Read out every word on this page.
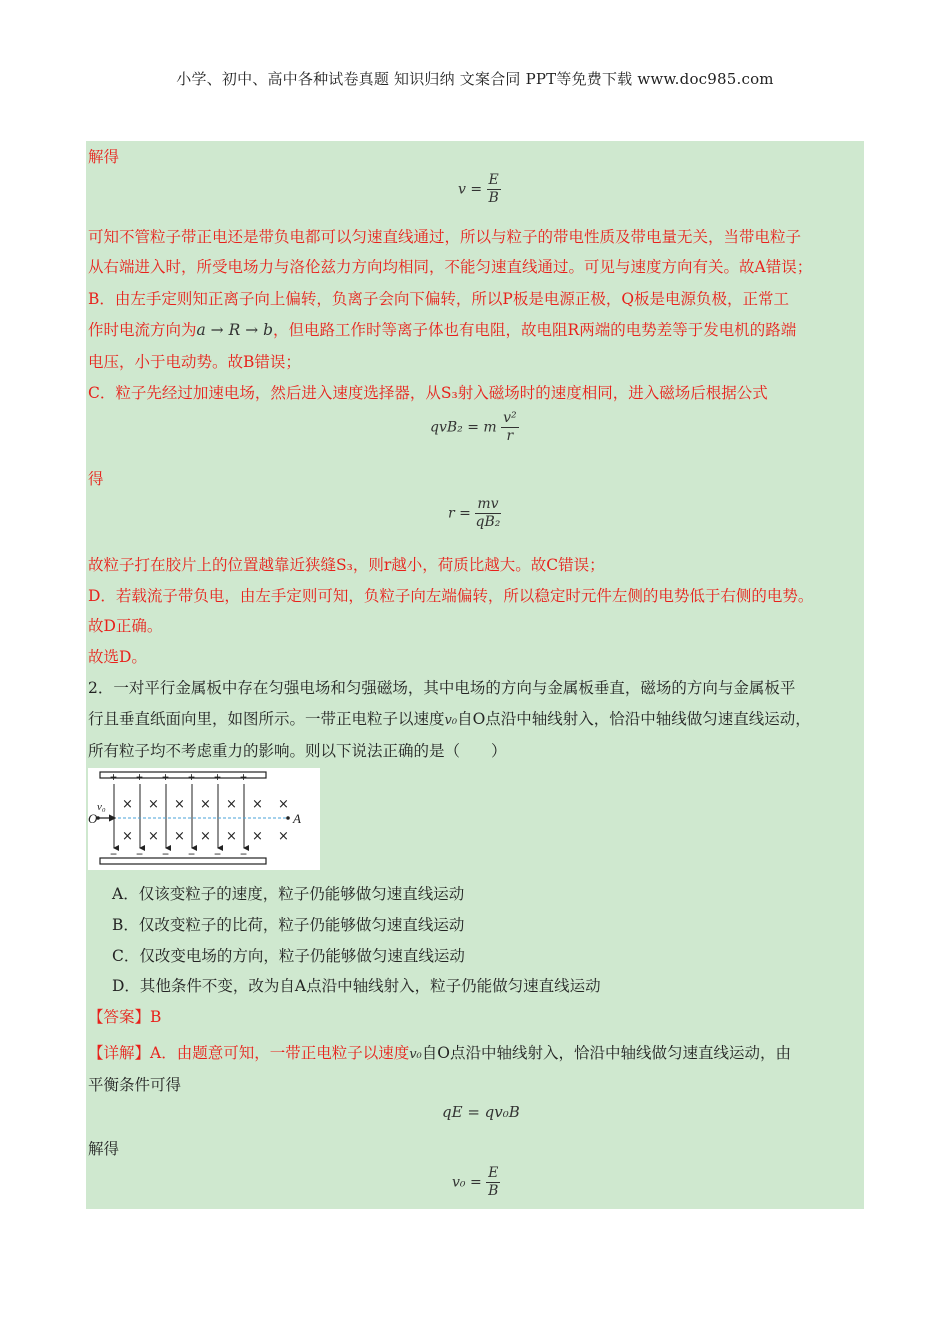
小学、初中、高中各种试卷真题 知识归纳 文案合同 PPT等免费下载 www.doc985.com
解得
$v = \frac{E}{B}$
可知不管粒子带正电还是带负电都可以匀速直线通过，所以与粒子的带电性质及带电量无关，当带电粒子
从右端进入时，所受电场力与洛伦兹力方向均相同，不能匀速直线通过。可见与速度方向有关。故A错误；
B．由左手定则知正离子向上偏转，负离子会向下偏转，所以P板是电源正极，Q板是电源负极，正常工
作时电流方向为a → R → b，但电路工作时等离子体也有电阻，故电阻R两端的电势差等于发电机的路端
电压，小于电动势。故B错误；
C．粒子先经过加速电场，然后进入速度选择器，从S₃射入磁场时的速度相同，进入磁场后根据公式
qvB₂ = m $\frac{\text{v²}}{r}$
得
$r = \frac{mv}{\text{qB₂}}$
故粒子打在胶片上的位置越靠近狭缝S₃，则r越小，荷质比越大。故C错误；
D．若载流子带负电，由左手定则可知，负粒子向左端偏转，所以稳定时元件左侧的电势低于右侧的电势。
故D正确。
故选D。
2．一对平行金属板中存在匀强电场和匀强磁场，其中电场的方向与金属板垂直，磁场的方向与金属板平
行且垂直纸面向里，如图所示。一带正电粒子以速度v₀自O点沿中轴线射入，恰沿中轴线做匀速直线运动，
所有粒子均不考虑重力的影响。则以下说法正确的是（　　）
+ + + + + +
− − − − − −
× × × × × × ×
× × × × × × ×
O	A
v₀
A．仅该变粒子的速度，粒子仍能够做匀速直线运动
B．仅改变粒子的比荷，粒子仍能够做匀速直线运动
C．仅改变电场的方向，粒子仍能够做匀速直线运动
D．其他条件不变，改为自A点沿中轴线射入，粒子仍能做匀速直线运动
【答案】B
【详解】A．由题意可知，一带正电粒子以速度v₀自O点沿中轴线射入，恰沿中轴线做匀速直线运动，由
平衡条件可得
qE = qv₀B
解得
$v_0 = \frac{E}{B}$
